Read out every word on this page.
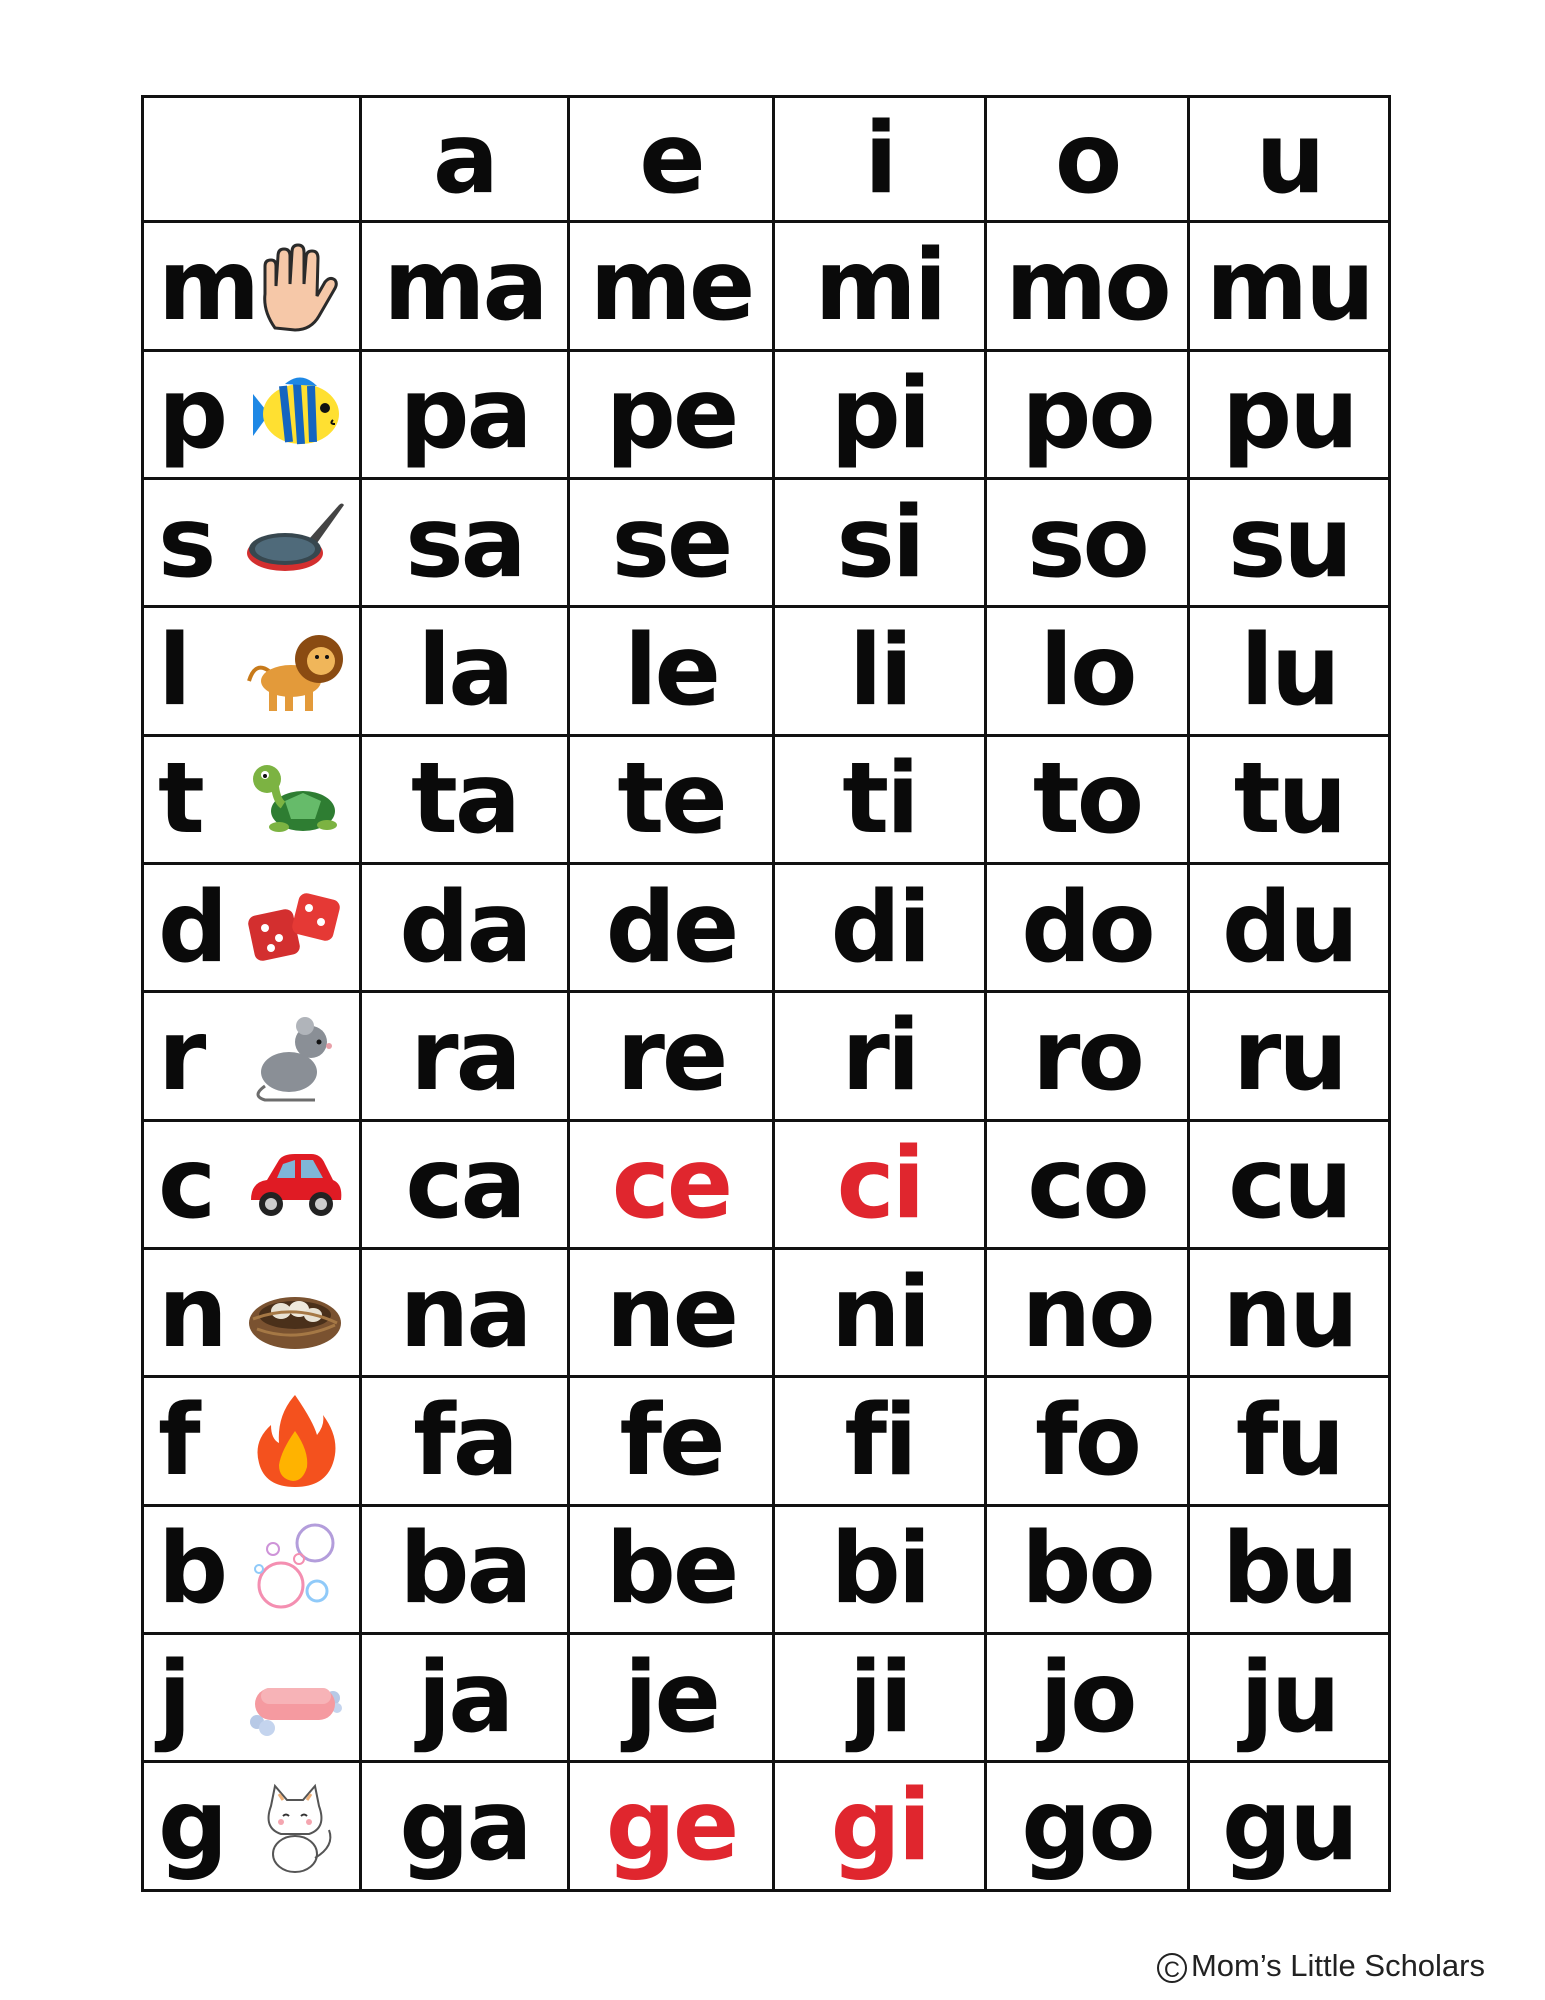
	a	e	i	o	u

m	ma	me	mi	mo	mu

p	pa	pe	pi	po	pu

s	sa	se	si	so	su

l	la	le	li	lo	lu

t	ta	te	ti	to	tu

d	da	de	di	do	du

r	ra	re	ri	ro	ru

c	ca	ce	ci	co	cu

n	na	ne	ni	no	nu

f	fa	fe	fi	fo	fu

b	ba	be	bi	bo	bu

j	ja	je	ji	jo	ju

g	ga	ge	gi	go	gu
C Mom’s Little Scholars
